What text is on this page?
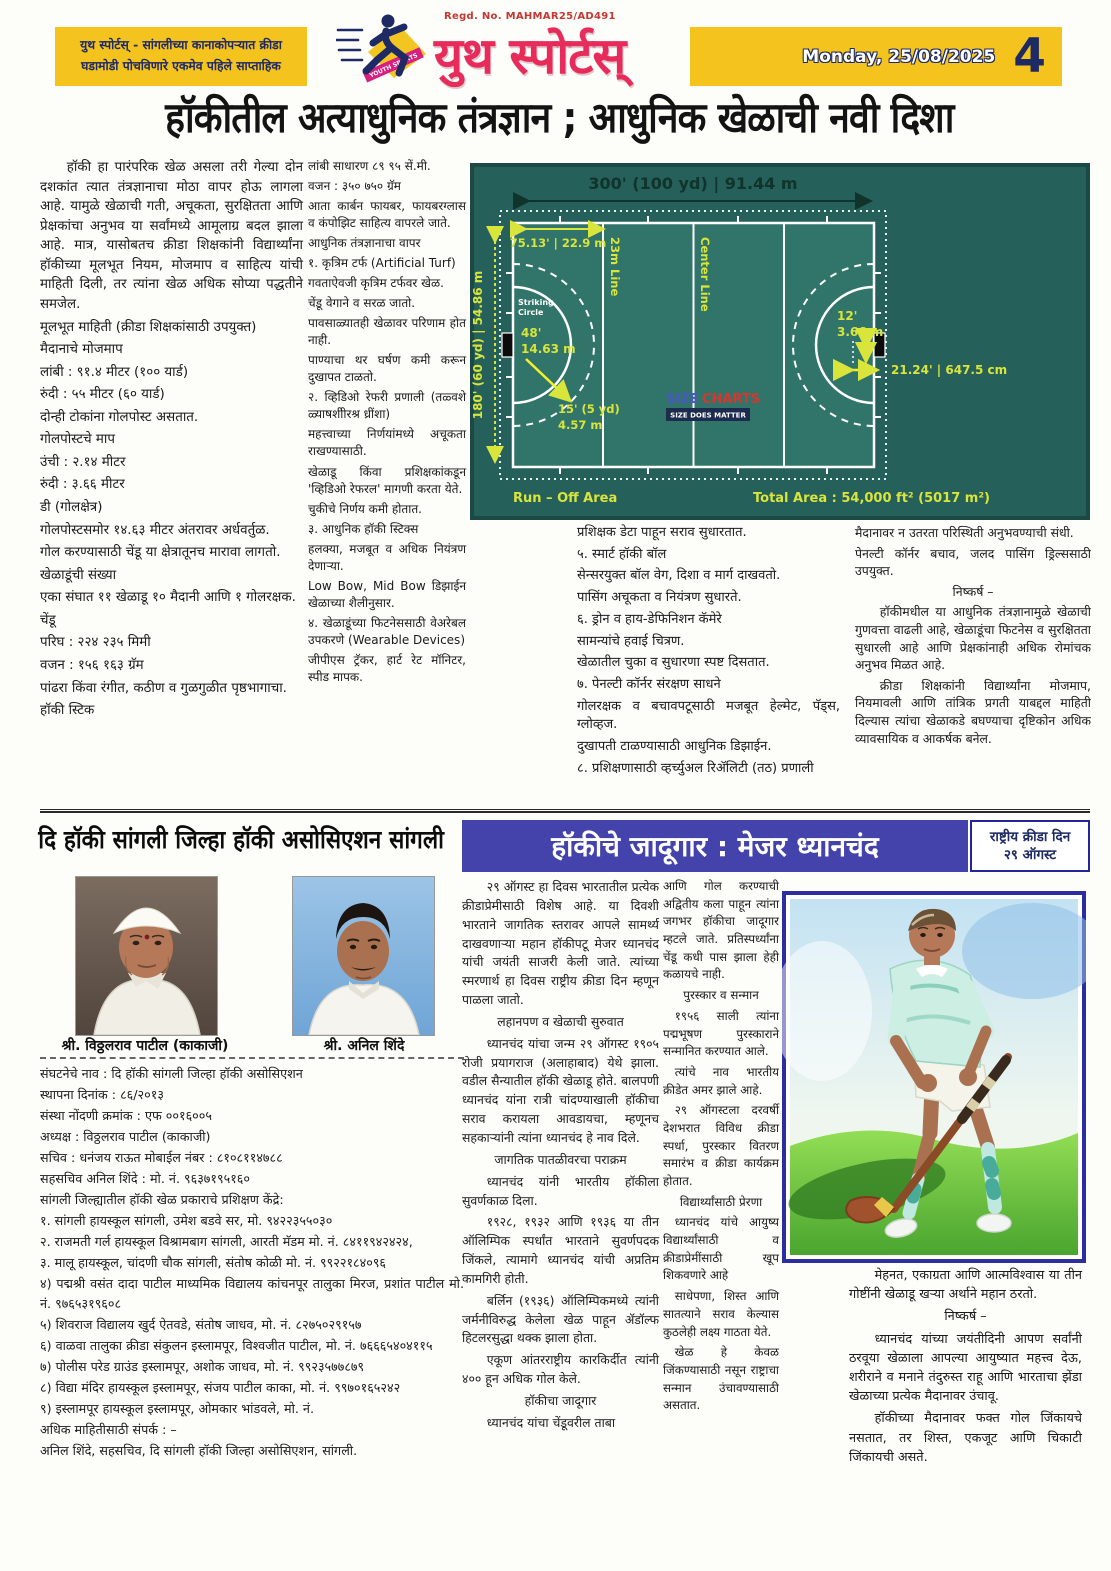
युथ स्पोर्टस् - सांगलीच्या कानाकोपऱ्यात क्रीडा
घडामोडी पोचविणारे एकमेव पहिले साप्ताहिक	YOUTH SPORTS
Regd. No. MAHMAR25/AD491
युथ स्पोर्टस्	Monday, 25/08/2025 4
हॉकीतील अत्याधुनिक तंत्रज्ञान ; आधुनिक खेळाची नवी दिशा

  हॉकी हा पारंपरिक खेळ असला तरी गेल्या दोन दशकांत त्यात तंत्रज्ञानाचा मोठा वापर होऊ लागला आहे. यामुळे खेळाची गती, अचूकता, सुरक्षितता आणि प्रेक्षकांचा अनुभव या सर्वांमध्ये आमूलाग्र बदल झाला आहे. मात्र, यासोबतच क्रीडा शिक्षकांनी विद्यार्थ्यांना हॉकीच्या मूलभूत नियम, मोजमाप व साहित्य यांची माहिती दिली, तर त्यांना खेळ अधिक सोप्या पद्धतीने समजेल.

मूलभूत माहिती (क्रीडा शिक्षकांसाठी उपयुक्त)

मैदानाचे मोजमाप

लांबी : ९१.४ मीटर (१०० यार्ड)

रुंदी : ५५ मीटर (६० यार्ड)

दोन्ही टोकांना गोलपोस्ट असतात.

गोलपोस्टचे माप

उंची : २.१४ मीटर

रुंदी : ३.६६ मीटर

डी (गोलक्षेत्र)

गोलपोस्टसमोर १४.६३ मीटर अंतरावर अर्धवर्तुळ.

गोल करण्यासाठी चेंडू या क्षेत्रातूनच मारावा लागतो.

खेळाडूंची संख्या

एका संघात ११ खेळाडू १० मैदानी आणि १ गोलरक्षक.

चेंडू

परिघ : २२४ २३५ मिमी

वजन : १५६ १६३ ग्रॅम

पांढरा किंवा रंगीत, कठीण व गुळगुळीत पृष्ठभागाचा.

हॉकी स्टिक

लांबी साधारण ८९ ९५ सें.मी.

वजन : ३५० ७५० ग्रॅम

आता कार्बन फायबर, फायबरग्लास व कंपोझिट साहित्य वापरले जाते.

आधुनिक तंत्रज्ञानाचा वापर

१. कृत्रिम टर्फ (Artificial Turf)

गवताऐवजी कृत्रिम टर्फवर खेळ.

चेंडू वेगाने व सरळ जातो.

पावसाळ्यातही खेळावर परिणाम होत नाही.

पाण्याचा थर घर्षण कमी करून दुखापत टाळतो.

२. व्हिडिओ रेफरी प्रणाली (तळ्वशे ळ्याषशीीरश्र ध्रींशा)

महत्त्वाच्या निर्णयांमध्ये अचूकता राखण्यासाठी.

खेळाडू किंवा प्रशिक्षकांकडून 'व्हिडिओ रेफरल' मागणी करता येते.

चुकीचे निर्णय कमी होतात.

३. आधुनिक हॉकी स्टिक्स

हलक्या, मजबूत व अधिक नियंत्रण देणाऱ्या.

Low Bow, Mid Bow डिझाईन खेळाच्या शैलीनुसार.

४. खेळाडूंच्या फिटनेससाठी वेअरेबल उपकरणे (Wearable Devices)

जीपीएस ट्रॅकर, हार्ट रेट मॉनिटर, स्पीड मापक.

प्रशिक्षक डेटा पाहून सराव सुधारतात.

५. स्मार्ट हॉकी बॉल

सेन्सरयुक्त बॉल वेग, दिशा व मार्ग दाखवतो.

पासिंग अचूकता व नियंत्रण सुधारते.

६. ड्रोन व हाय-डेफिनिशन कॅमेरे

सामन्यांचे हवाई चित्रण.

खेळातील चुका व सुधारणा स्पष्ट दिसतात.

७. पेनल्टी कॉर्नर संरक्षण साधने

गोलरक्षक व बचावपटूसाठी मजबूत हेल्मेट, पॅड्स, ग्लोव्हज.

दुखापती टाळण्यासाठी आधुनिक डिझाईन.

८. प्रशिक्षणासाठी व्हर्च्युअल रिॲलिटी (तठ) प्रणाली

मैदानावर न उतरता परिस्थिती अनुभवण्याची संधी.

पेनल्टी कॉर्नर बचाव, जलद पासिंग ड्रिल्ससाठी उपयुक्त.

निष्कर्ष –

  हॉकीमधील या आधुनिक तंत्रज्ञानामुळे खेळाची गुणवत्ता वाढली आहे, खेळाडूंचा फिटनेस व सुरक्षितता सुधारली आहे आणि प्रेक्षकांनाही अधिक रोमांचक अनुभव मिळत आहे.

  क्रीडा शिक्षकांनी विद्यार्थ्यांना मोजमाप, नियमावली आणि तांत्रिक प्रगती याबद्दल माहिती दिल्यास त्यांचा खेळाकडे बघण्याचा दृष्टिकोन अधिक व्यावसायिक व आकर्षक बनेल.

300' (100 yd) | 91.44 m
180' (60 yd) | 54.86 m
75.13' | 22.9 m 23m Line	Center Line
Striking
Circle
48'
14.63 m
15' (5 yd)
4.57 m
12'
3.66 m
21.24' | 647.5 cm
SIZE CHARTS
SIZE DOES MATTER
Run – Off Area	Total Area : 54,000 ft² (5017 m²)
दि हॉकी सांगली जिल्हा हॉकी असोसिएशन सांगली
श्री. विठ्ठलराव पाटील (काकाजी)	श्री. अनिल शिंदे

संघटनेचे नाव : दि हॉकी सांगली जिल्हा हॉकी असोसिएशन

स्थापना दिनांक : ८६/२०१३

संस्था नोंदणी क्रमांक : एफ ००१६००५

अध्यक्ष : विठ्ठलराव पाटील (काकाजी)

सचिव : धनंजय राऊत मोबाईल नंबर : ८१०८११४७८८

सहसचिव अनिल शिंदे : मो. नं. ९६३७१९५१६०

सांगली जिल्ह्यातील हॉकी खेळ प्रकाराचे प्रशिक्षण केंद्रे:

१. सांगली हायस्कूल सांगली, उमेश बडवे सर, मो. ९४२२३५५०३०

२. राजमती गर्ल हायस्कूल विश्रामबाग सांगली, आरती मॅडम मो. नं. ८४११९४२४२४,

३. मालू हायस्कूल, चांदणी चौक सांगली, संतोष कोळी मो. नं. ९९२२१८४०९६

४) पद्मश्री वसंत दादा पाटील माध्यमिक विद्यालय कांचनपूर तालुका मिरज, प्रशांत पाटील मो. नं. ९७६५३१९६०८

५) शिवराज विद्यालय खुर्द ऐतवडे, संतोष जाधव, मो. नं. ८२७५०२९१५७

६) वाळवा तालुका क्रीडा संकुलन इस्लामपूर, विश्वजीत पाटील, मो. नं. ७६६६५४०४११५

७) पोलीस परेड ग्राउंड इस्लामपूर, अशोक जाधव, मो. नं. ९९२३५७७८७९

८) विद्या मंदिर हायस्कूल इस्लामपूर, संजय पाटील काका, मो. नं. ९९७०१६५२४२

९) इस्लामपूर हायस्कूल इस्लामपूर, ओमकार भांडवले, मो. नं.

अधिक माहितीसाठी संपर्क : –

अनिल शिंदे, सहसचिव, दि सांगली हॉकी जिल्हा असोसिएशन, सांगली.

हॉकीचे जादूगार : मेजर ध्यानचंद	राष्ट्रीय क्रीडा दिन
२९ ऑगस्ट

  २९ ऑगस्ट हा दिवस भारतातील प्रत्येक क्रीडाप्रेमीसाठी विशेष आहे. या दिवशी भारताने जागतिक स्तरावर आपले सामर्थ्य दाखवणाऱ्या महान हॉकीपटू मेजर ध्यानचंद यांची जयंती साजरी केली जाते. त्यांच्या स्मरणार्थ हा दिवस राष्ट्रीय क्रीडा दिन म्हणून पाळला जातो.

लहानपण व खेळाची सुरुवात

  ध्यानचंद यांचा जन्म २९ ऑगस्ट १९०५ रोजी प्रयागराज (अलाहाबाद) येथे झाला. वडील सैन्यातील हॉकी खेळाडू होते. बालपणी ध्यानचंद यांना रात्री चांदण्याखाली हॉकीचा सराव करायला आवडायचा, म्हणूनच सहकाऱ्यांनी त्यांना ध्यानचंद हे नाव दिले.

जागतिक पातळीवरचा पराक्रम

  ध्यानचंद यांनी भारतीय हॉकीला सुवर्णकाळ दिला.

  १९२८, १९३२ आणि १९३६ या तीन ऑलिम्पिक स्पर्धांत भारताने सुवर्णपदक जिंकले, त्यामागे ध्यानचंद यांची अप्रतिम कामगिरी होती.

  बर्लिन (१९३६) ऑलिम्पिकमध्ये त्यांनी जर्मनीविरुद्ध केलेला खेळ पाहून ॲडॉल्फ हिटलरसुद्धा थक्क झाला होता.

  एकूण आंतरराष्ट्रीय कारकिर्दीत त्यांनी ४०० हून अधिक गोल केले.

हॉकीचा जादूगार

  ध्यानचंद यांचा चेंडूवरील ताबा

आणि गोल करण्याची अद्वितीय कला पाहून त्यांना जगभर हॉकीचा जादूगार म्हटले जाते. प्रतिस्पर्ध्यांना चेंडू कधी पास झाला हेही कळायचे नाही.

पुरस्कार व सन्मान

 १९५६ साली त्यांना पद्मभूषण पुरस्काराने सन्मानित करण्यात आले.

 त्यांचे नाव भारतीय क्रीडेत अमर झाले आहे.

 २९ ऑगस्टला दरवर्षी देशभरात विविध क्रीडा स्पर्धा, पुरस्कार वितरण समारंभ व क्रीडा कार्यक्रम होतात.

विद्यार्थ्यांसाठी प्रेरणा

 ध्यानचंद यांचे आयुष्य विद्यार्थ्यांसाठी व क्रीडाप्रेमींसाठी खूप शिकवणारे आहे

 साधेपणा, शिस्त आणि सातत्याने सराव केल्यास कुठलेही लक्ष्य गाठता येते.

 खेळ हे केवळ जिंकण्यासाठी नसून राष्ट्राचा सन्मान उंचावण्यासाठी असतात.

  मेहनत, एकाग्रता आणि आत्मविश्वास या तीन गोष्टींनी खेळाडू खऱ्या अर्थाने महान ठरतो.

निष्कर्ष –

  ध्यानचंद यांच्या जयंतीदिनी आपण सर्वांनी ठरवूया खेळाला आपल्या आयुष्यात महत्त्व देऊ, शरीराने व मनाने तंदुरुस्त राहू आणि भारताचा झेंडा खेळाच्या प्रत्येक मैदानावर उंचावू.

  हॉकीच्या मैदानावर फक्त गोल जिंकायचे नसतात, तर शिस्त, एकजूट आणि चिकाटी जिंकायची असते.
